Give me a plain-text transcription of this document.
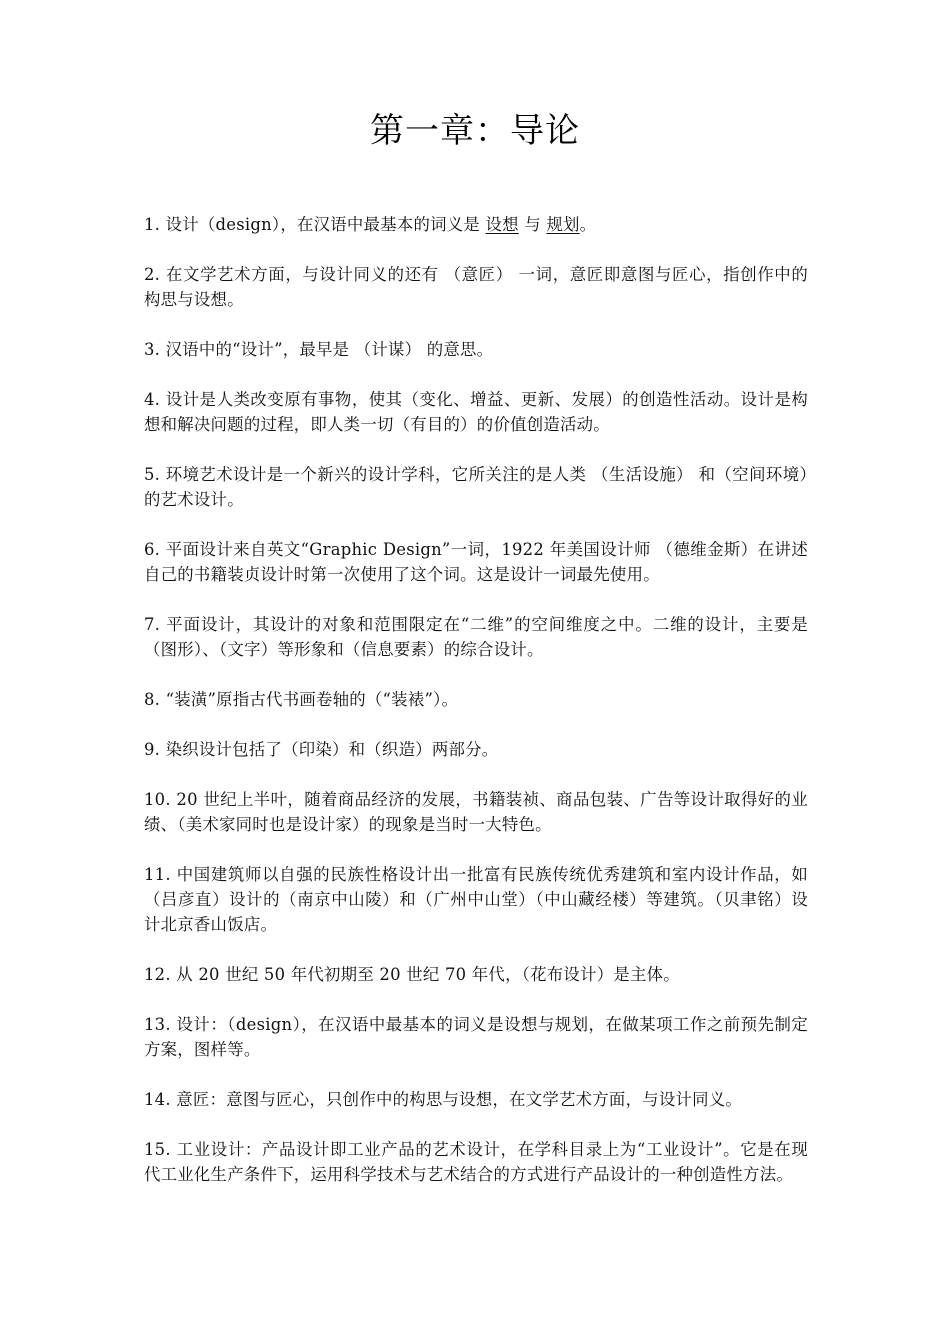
第一章：导论

1. 设计（design），在汉语中最基本的词义是 设想 与 规划。

2. 在文学艺术方面，与设计同义的还有 （意匠） 一词，意匠即意图与匠心，指创作中的构思与设想。

3. 汉语中的“设计”，最早是 （计谋） 的意思。

4. 设计是人类改变原有事物，使其（变化、增益、更新、发展）的创造性活动。设计是构想和解决问题的过程，即人类一切（有目的）的价值创造活动。

5. 环境艺术设计是一个新兴的设计学科，它所关注的是人类 （生活设施） 和（空间环境）的艺术设计。

6. 平面设计来自英文“Graphic Design”一词，1922 年美国设计师 （德维金斯）在讲述自己的书籍装贞设计时第一次使用了这个词。这是设计一词最先使用。

7. 平面设计，其设计的对象和范围限定在“二维”的空间维度之中。二维的设计，主要是（图形）、（文字）等形象和（信息要素）的综合设计。

8. “装潢”原指古代书画卷轴的（“装裱”）。

9. 染织设计包括了（印染）和（织造）两部分。

10. 20 世纪上半叶，随着商品经济的发展，书籍装祯、商品包装、广告等设计取得好的业绩、（美术家同时也是设计家）的现象是当时一大特色。

11. 中国建筑师以自强的民族性格设计出一批富有民族传统优秀建筑和室内设计作品，如（吕彦直）设计的（南京中山陵）和（广州中山堂）（中山藏经楼）等建筑。（贝聿铭）设计北京香山饭店。

12. 从 20 世纪 50 年代初期至 20 世纪 70 年代，（花布设计）是主体。

13. 设计：（design），在汉语中最基本的词义是设想与规划，在做某项工作之前预先制定方案，图样等。

14. 意匠：意图与匠心，只创作中的构思与设想，在文学艺术方面，与设计同义。

15. 工业设计：产品设计即工业产品的艺术设计，在学科目录上为“工业设计”。它是在现代工业化生产条件下，运用科学技术与艺术结合的方式进行产品设计的一种创造性方法。
